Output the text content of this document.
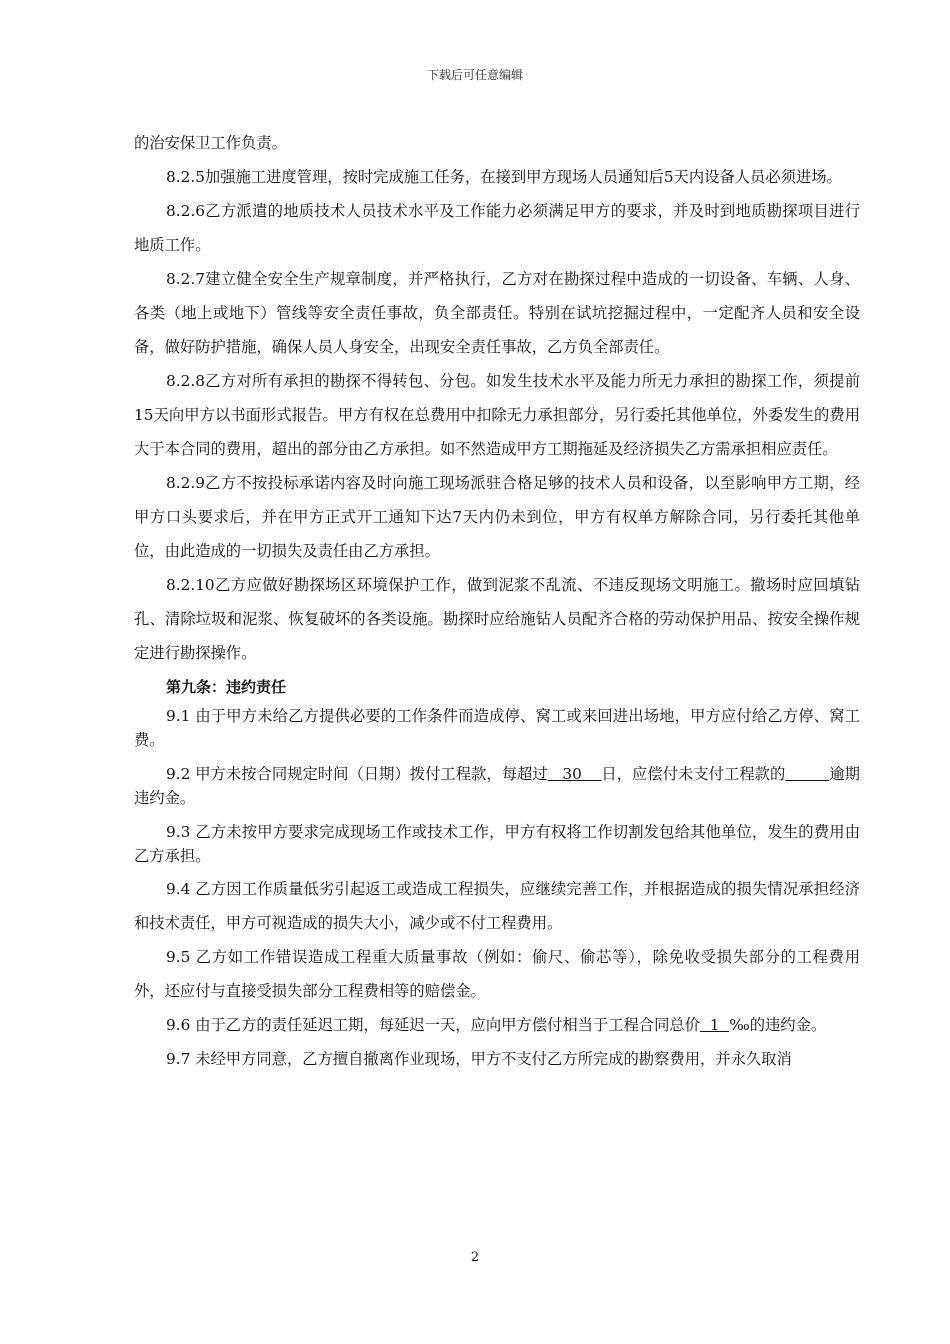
下载后可任意编辑

的治安保卫工作负责。

8.2.5加强施工进度管理，按时完成施工任务，在接到甲方现场人员通知后5天内设备人员必须进场。

8.2.6乙方派遣的地质技术人员技术水平及工作能力必须满足甲方的要求，并及时到地质勘探项目进行地质工作。

8.2.7建立健全安全生产规章制度，并严格执行，乙方对在勘探过程中造成的一切设备、车辆、人身、各类（地上或地下）管线等安全责任事故，负全部责任。特别在试坑挖掘过程中，一定配齐人员和安全设备，做好防护措施，确保人员人身安全，出现安全责任事故，乙方负全部责任。

8.2.8乙方对所有承担的勘探不得转包、分包。如发生技术水平及能力所无力承担的勘探工作，须提前15天向甲方以书面形式报告。甲方有权在总费用中扣除无力承担部分，另行委托其他单位，外委发生的费用大于本合同的费用，超出的部分由乙方承担。如不然造成甲方工期拖延及经济损失乙方需承担相应责任。

8.2.9乙方不按投标承诺内容及时向施工现场派驻合格足够的技术人员和设备，以至影响甲方工期，经甲方口头要求后，并在甲方正式开工通知下达7天内仍未到位，甲方有权单方解除合同，另行委托其他单位，由此造成的一切损失及责任由乙方承担。

8.2.10乙方应做好勘探场区环境保护工作，做到泥浆不乱流、不违反现场文明施工。撤场时应回填钻孔、清除垃圾和泥浆、恢复破坏的各类设施。勘探时应给施钻人员配齐合格的劳动保护用品、按安全操作规定进行勘探操作。

第九条：违约责任

9.1 由于甲方未给乙方提供必要的工作条件而造成停、窝工或来回进出场地，甲方应付给乙方停、窝工费。

9.2 甲方未按合同规定时间（日期）拨付工程款，每超过   30    日，应偿付未支付工程款的	逾期违约金。

9.3 乙方未按甲方要求完成现场工作或技术工作，甲方有权将工作切割发包给其他单位，发生的费用由乙方承担。

9.4 乙方因工作质量低劣引起返工或造成工程损失，应继续完善工作，并根据造成的损失情况承担经济和技术责任，甲方可视造成的损失大小，减少或不付工程费用。

9.5 乙方如工作错误造成工程重大质量事故（例如：偷尺、偷芯等），除免收受损失部分的工程费用外，还应付与直接受损失部分工程费相等的赔偿金。

9.6 由于乙方的责任延迟工期，每延迟一天，应向甲方偿付相当于工程合同总价  1  ‰的违约金。

9.7 未经甲方同意，乙方擅自撤离作业现场，甲方不支付乙方所完成的勘察费用，并永久取消

2
